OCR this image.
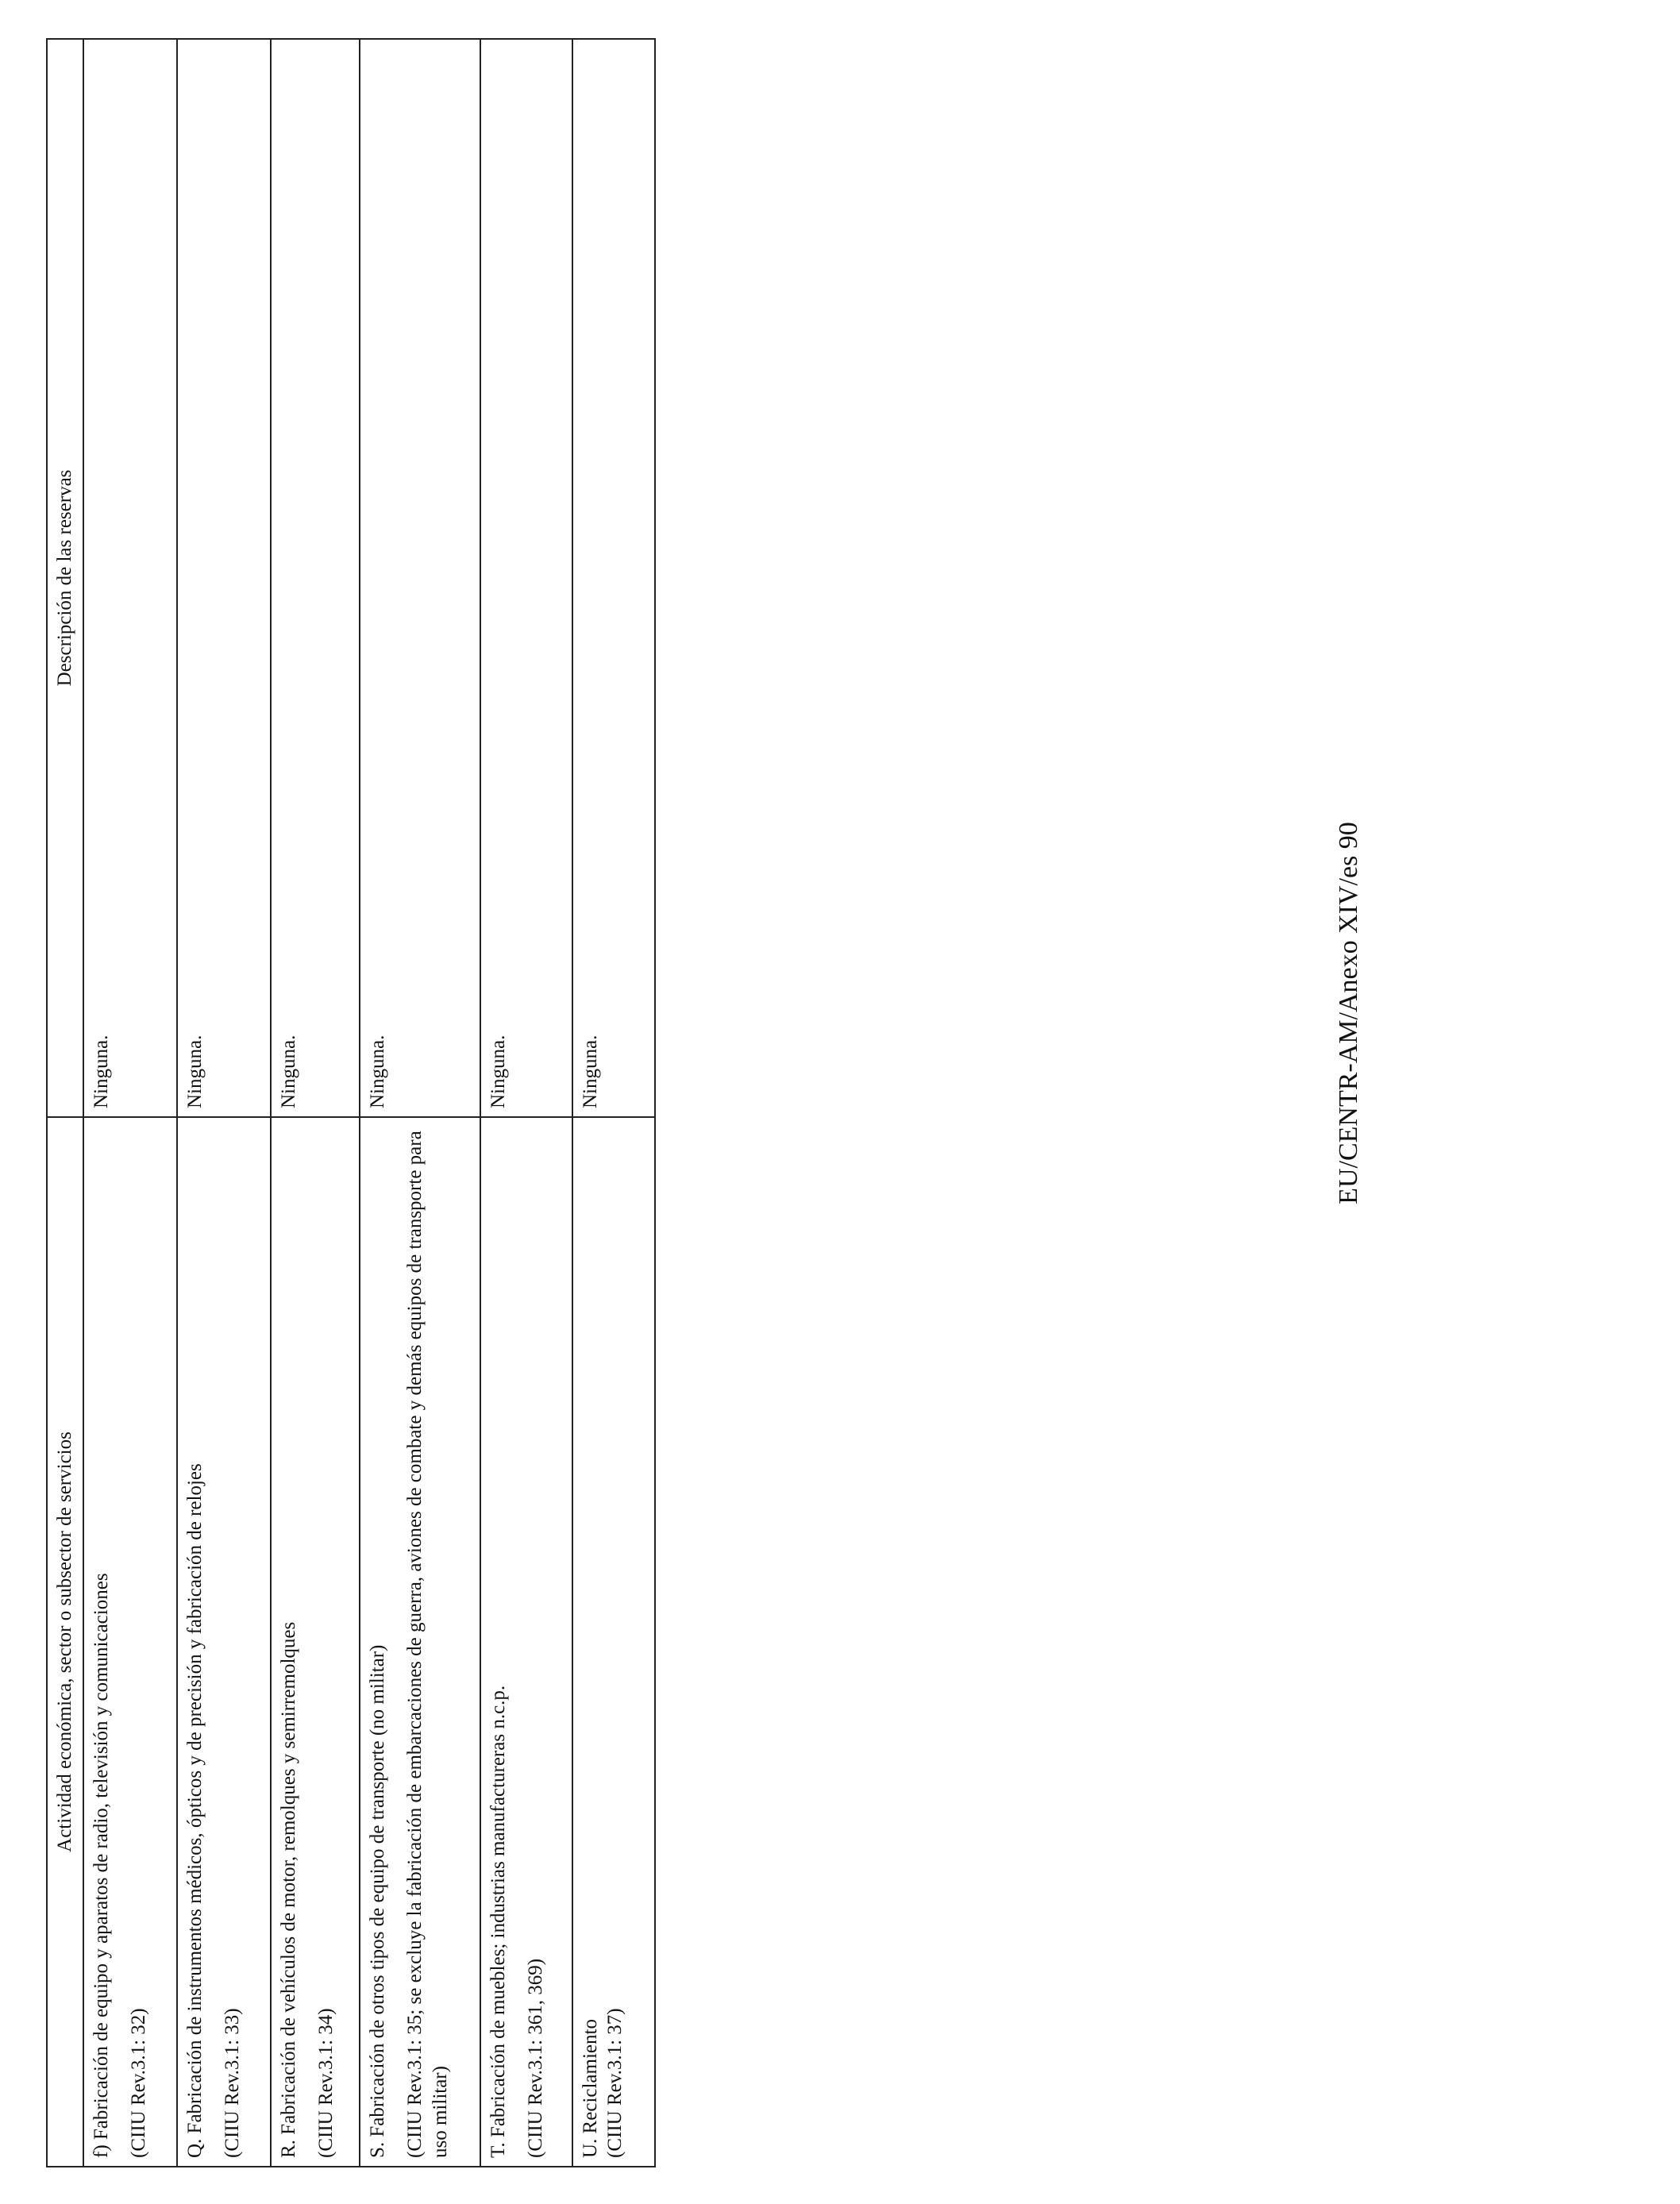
Actividad económica, sector o subsector de servicios	Descripción de las reservas

f) Fabricación de equipo y aparatos de radio, televisión y comunicaciones (CIIU Rev.3.1: 32)	Ninguna.

Q. Fabricación de instrumentos médicos, ópticos y de precisión y fabricación de relojes (CIIU Rev.3.1: 33)	Ninguna.

R. Fabricación de vehículos de motor, remolques y semirremolques (CIIU Rev.3.1: 34)	Ninguna.

S. Fabricación de otros tipos de equipo de transporte (no militar) (CIIU Rev.3.1: 35; se excluye la fabricación de embarcaciones de guerra, aviones de combate y demás equipos de transporte para uso militar)	Ninguna.

T. Fabricación de muebles; industrias manufactureras n.c.p. (CIIU Rev.3.1: 361, 369)	Ninguna.

U. Reciclamiento (CIIU Rev.3.1: 37)	Ninguna.	EU/CENTR-AM/Anexo XIV/es 90
